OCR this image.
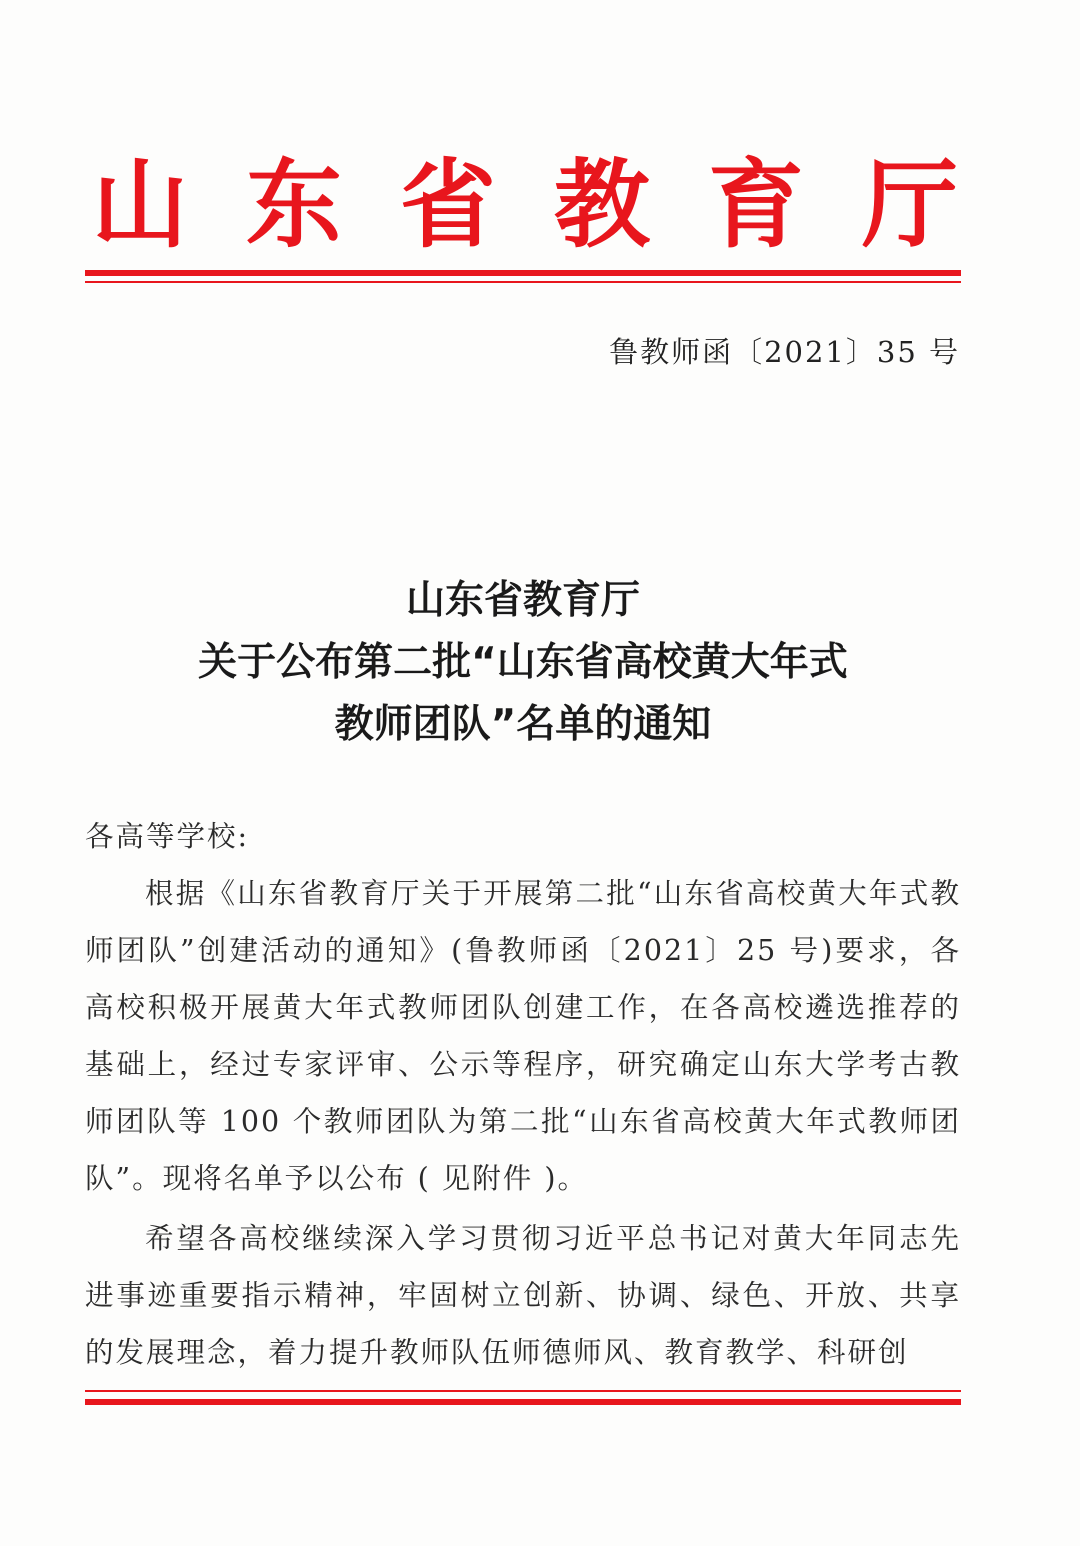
山 东 省 教 育 厅
鲁教师函〔2021〕35 号
山东省教育厅
关于公布第二批“山东省高校黄大年式
教师团队”名单的通知

各高等学校:

根据《山东省教育厅关于开展第二批“山东省高校黄大年式教师团队”创建活动的通知》(鲁教师函〔2021〕25 号)要求，各高校积极开展黄大年式教师团队创建工作，在各高校遴选推荐的基础上，经过专家评审、公示等程序，研究确定山东大学考古教师团队等 100 个教师团队为第二批“山东省高校黄大年式教师团队”。现将名单予以公布 ( 见附件 )。

希望各高校继续深入学习贯彻习近平总书记对黄大年同志先进事迹重要指示精神，牢固树立创新、协调、绿色、开放、共享的发展理念，着力提升教师队伍师德师风、教育教学、科研创
